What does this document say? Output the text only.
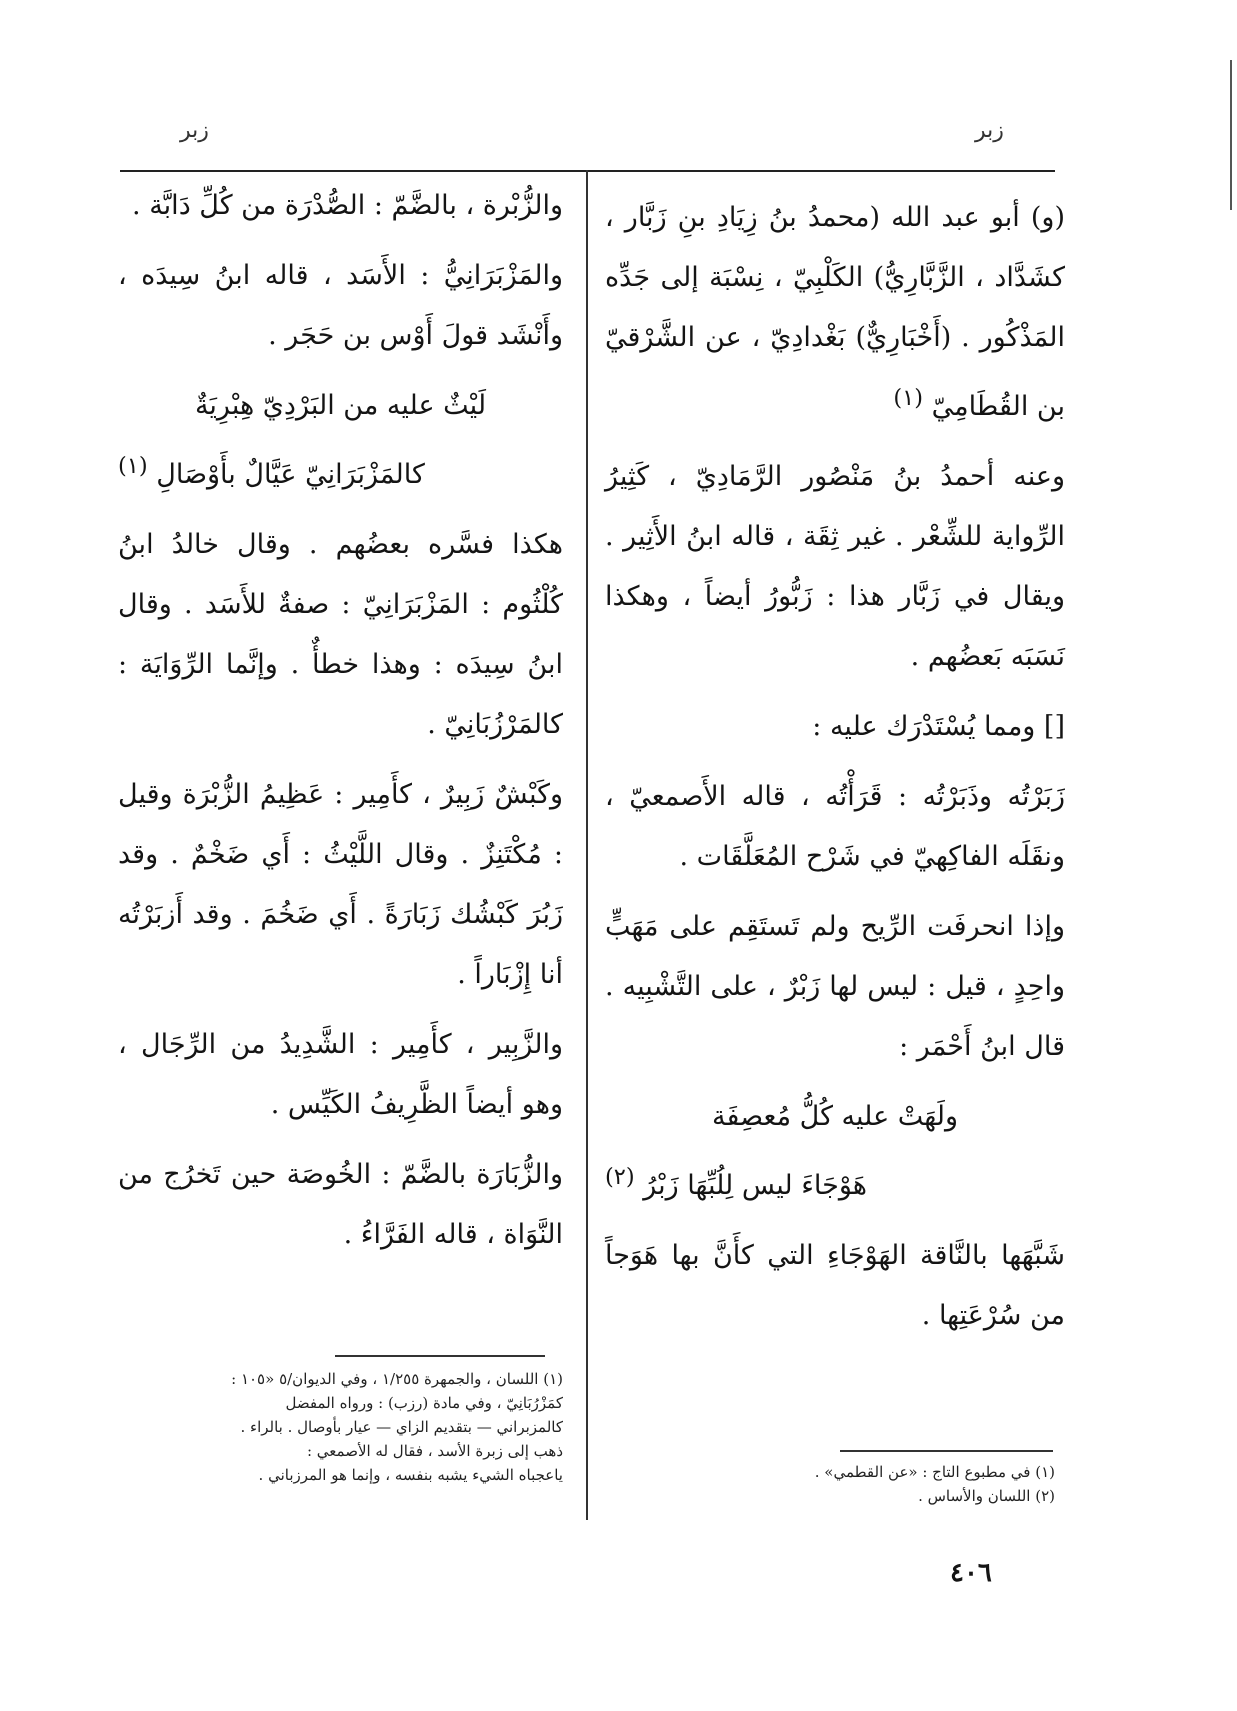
زبر
زبر

(و) أبو عبد الله (محمدُ بنُ زِيَادِ بنِ زَبَّار ، كشَدَّاد ، الزَّبَّارِيُّ) الكَلْبِيّ ، نِسْبَة إلى جَدِّه المَذْكُور . (أَخْبَارِيٌّ) بَغْدادِيّ ، عن الشَّرْقيّ بن القُطَامِيّ $^{(١)}$

وعنه أحمدُ بنُ مَنْصُور الرَّمَادِيّ ، كَثِيرُ الرِّواية للشِّعْر . غير ثِقَة ، قاله ابنُ الأَثِير . ويقال في زَبَّار هذا : زَبُّورُ أيضاً ، وهكذا نَسَبَه بَعضُهم .

[] ومما يُسْتَدْرَك عليه :

زَبَرْتُه وذَبَرْتُه : قَرَأْتُه ، قاله الأَصمعيّ ، ونقَلَه الفاكِهيّ في شَرْح المُعَلَّقَات .

وإذا انحرفَت الرِّيح ولم تَستَقِم على مَهَبٍّ واحِدٍ ، قيل : ليس لها زَبْرٌ ، على التَّشْبِيه . قال ابنُ أَحْمَر :

ولَهَتْ عليه كُلُّ مُعصِفَة

هَوْجَاءَ ليس لِلُبِّهَا زَبْرُ $^{(٢)}$

شَبَّهَها بالنَّاقة الهَوْجَاءِ التي كأَنَّ بها هَوَجاً من سُرْعَتِها .

(١) في مطبوع التاج : «عن القطمي» .
(٢) اللسان والأساس .

والزُّبْرة ، بالضَّمّ : الصُّدْرَة من كُلِّ دَابَّة .

والمَزْبَرَانِيُّ : الأَسَد ، قاله ابنُ سِيدَه ، وأَنْشَد قولَ أَوْس بن حَجَر .

لَيْثٌ عليه من البَرْدِيّ هِبْرِيَةٌ

كالمَزْبَرَانِيّ عَيَّالٌ بأَوْصَالِ $^{(١)}$

هكذا فسَّره بعضُهم . وقال خالدُ ابنُ كُلْثُوم : المَزْبَرَانِيّ : صفةٌ للأَسَد . وقال ابنُ سِيدَه : وهذا خطأٌ . وإنَّما الرِّوَايَة : كالمَرْزُبَانِيّ .

وكَبْشٌ زَبِيرٌ ، كأَمِير : عَظِيمُ الزُّبْرَة وقيل : مُكْتَنِزٌ . وقال اللَّيْثُ : أَي ضَخْمٌ . وقد زَبُرَ كَبْشُك زَبَارَةً . أَي ضَخُمَ . وقد أَزبَرْتُه أنا إِزْبَاراً .

والزَّبِير ، كأَمِير : الشَّدِيدُ من الرِّجَال ، وهو أيضاً الظَّرِيفُ الكَيِّس .

والزُّبَارَة بالضَّمّ : الخُوصَة حين تَخرُج من النَّوَاة ، قاله الفَرَّاءُ .

(١) اللسان ، والجمهرة ١/٢٥٥ ، وفي الديوان/٥ «١٠٥ :
كمَزْرُبَانِيّ ، وفي مادة (رزب) : ورواه المفضل
كالمزبراني — بتقديم الزاي — عيار بأوصال . بالراء .
ذهب إلى زبرة الأسد ، فقال له الأصمعي :
ياعجباه الشيء يشبه بنفسه ، وإنما هو المرزباني .
٤٠٦
